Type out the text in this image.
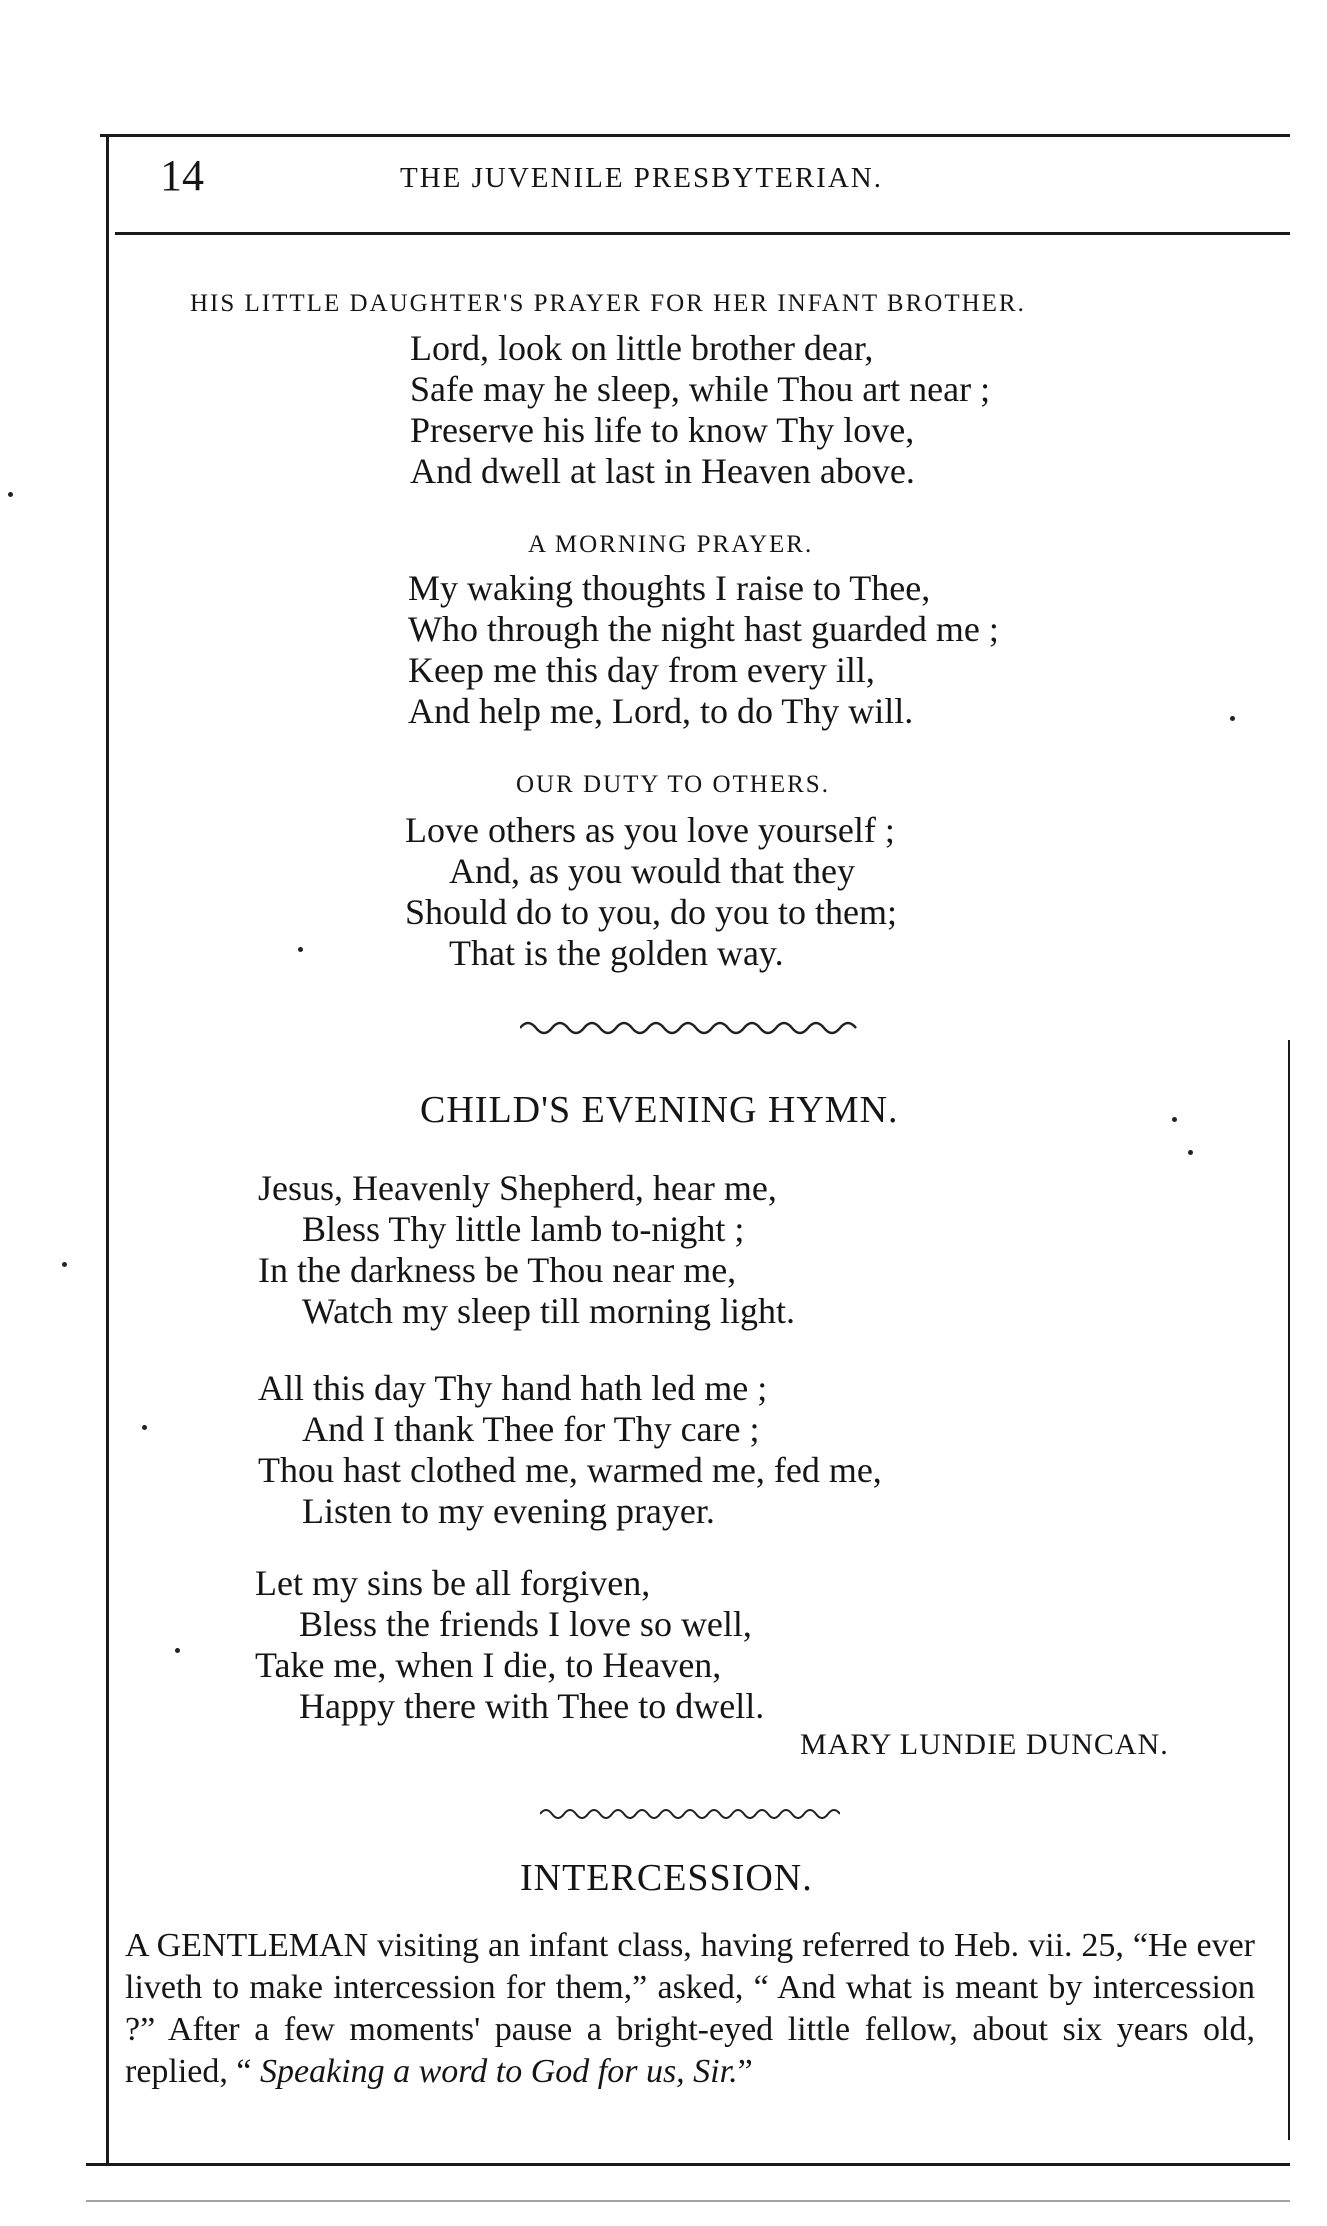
14	THE JUVENILE PRESBYTERIAN.
HIS LITTLE DAUGHTER'S PRAYER FOR HER INFANT BROTHER.
Lord, look on little brother dear,
Safe may he sleep, while Thou art near ;
Preserve his life to know Thy love,
And dwell at last in Heaven above.
A MORNING PRAYER.
My waking thoughts I raise to Thee,
Who through the night hast guarded me ;
Keep me this day from every ill,
And help me, Lord, to do Thy will.
OUR DUTY TO OTHERS.
Love others as you love yourself ;
And, as you would that they
Should do to you, do you to them;
That is the golden way.
CHILD'S EVENING HYMN.
Jesus, Heavenly Shepherd, hear me,
Bless Thy little lamb to-night ;
In the darkness be Thou near me,
Watch my sleep till morning light.
All this day Thy hand hath led me ;
And I thank Thee for Thy care ;
Thou hast clothed me, warmed me, fed me,
Listen to my evening prayer.
Let my sins be all forgiven,
Bless the friends I love so well,
Take me, when I die, to Heaven,
Happy there with Thee to dwell.
MARY LUNDIE DUNCAN.
INTERCESSION.
A GENTLEMAN visiting an infant class, having referred to Heb. vii. 25, “He ever liveth to make intercession for them,” asked, “ And what is meant by intercession ?” After a few moments' pause a bright-eyed little fellow, about six years old, replied, “ Speaking a word to God for us, Sir.”
